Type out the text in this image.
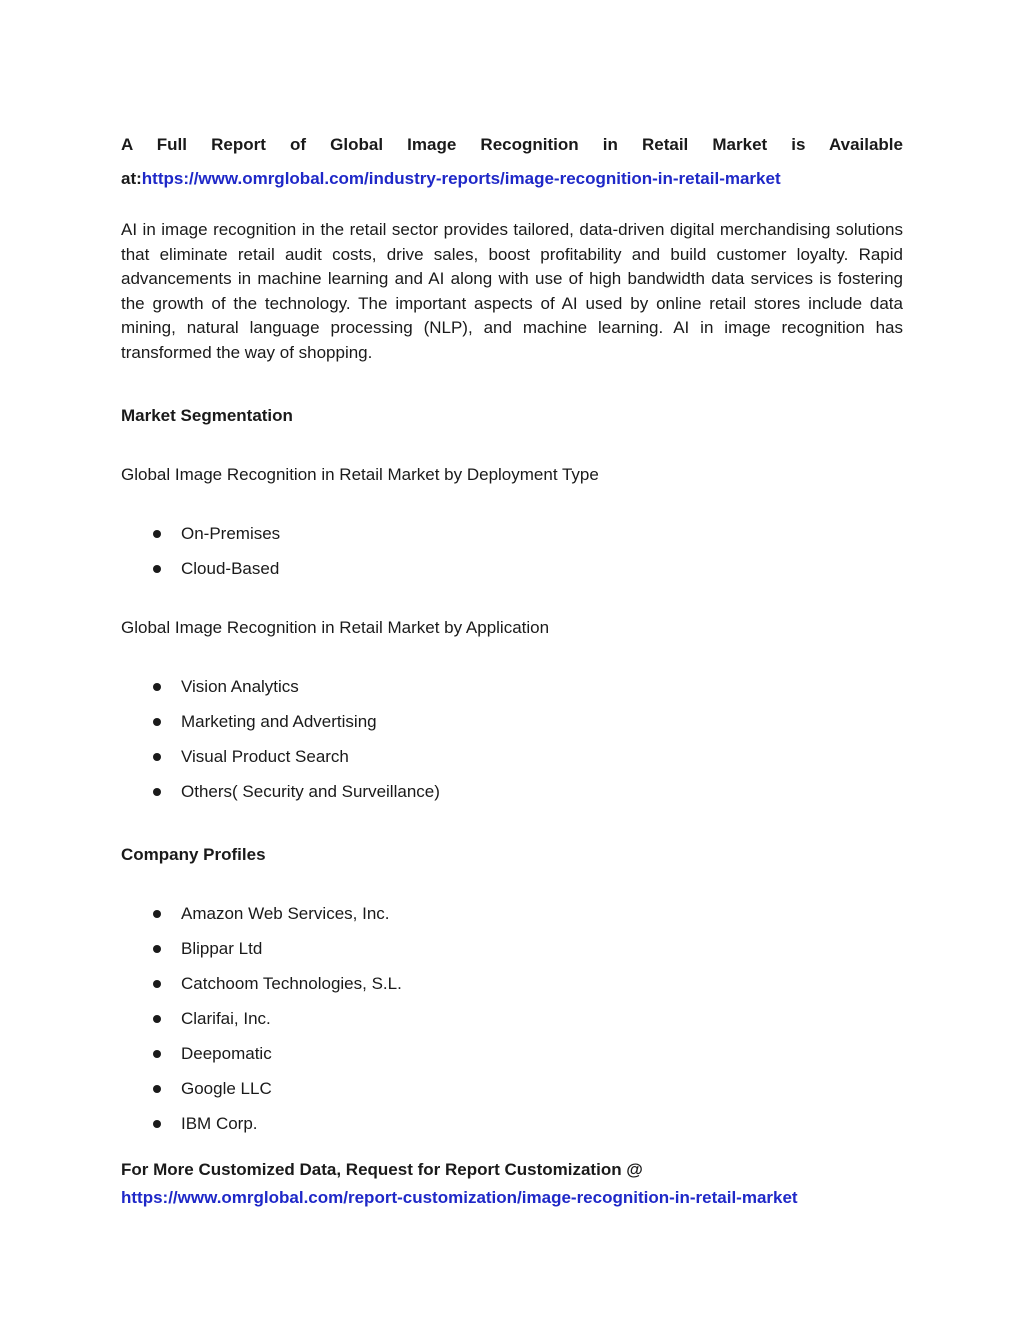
A Full Report of Global Image Recognition in Retail Market is Available

at:https://www.omrglobal.com/industry-reports/image-recognition-in-retail-market

AI in image recognition in the retail sector provides tailored, data-driven digital merchandising solutions that eliminate retail audit costs, drive sales, boost profitability and build customer loyalty. Rapid advancements in machine learning and AI along with use of high bandwidth data services is fostering the growth of the technology. The important aspects of AI used by online retail stores include data mining, natural language processing (NLP), and machine learning. AI in image recognition has transformed the way of shopping.

Market Segmentation

Global Image Recognition in Retail Market by Deployment Type

On-Premises
Cloud-Based

Global Image Recognition in Retail Market by Application

Vision Analytics
Marketing and Advertising
Visual Product Search
Others( Security and Surveillance)

Company Profiles

Amazon Web Services, Inc.
Blippar Ltd
Catchoom Technologies, S.L.
Clarifai, Inc.
Deepomatic
Google LLC
IBM Corp.

For More Customized Data, Request for Report Customization @

https://www.omrglobal.com/report-customization/image-recognition-in-retail-market
